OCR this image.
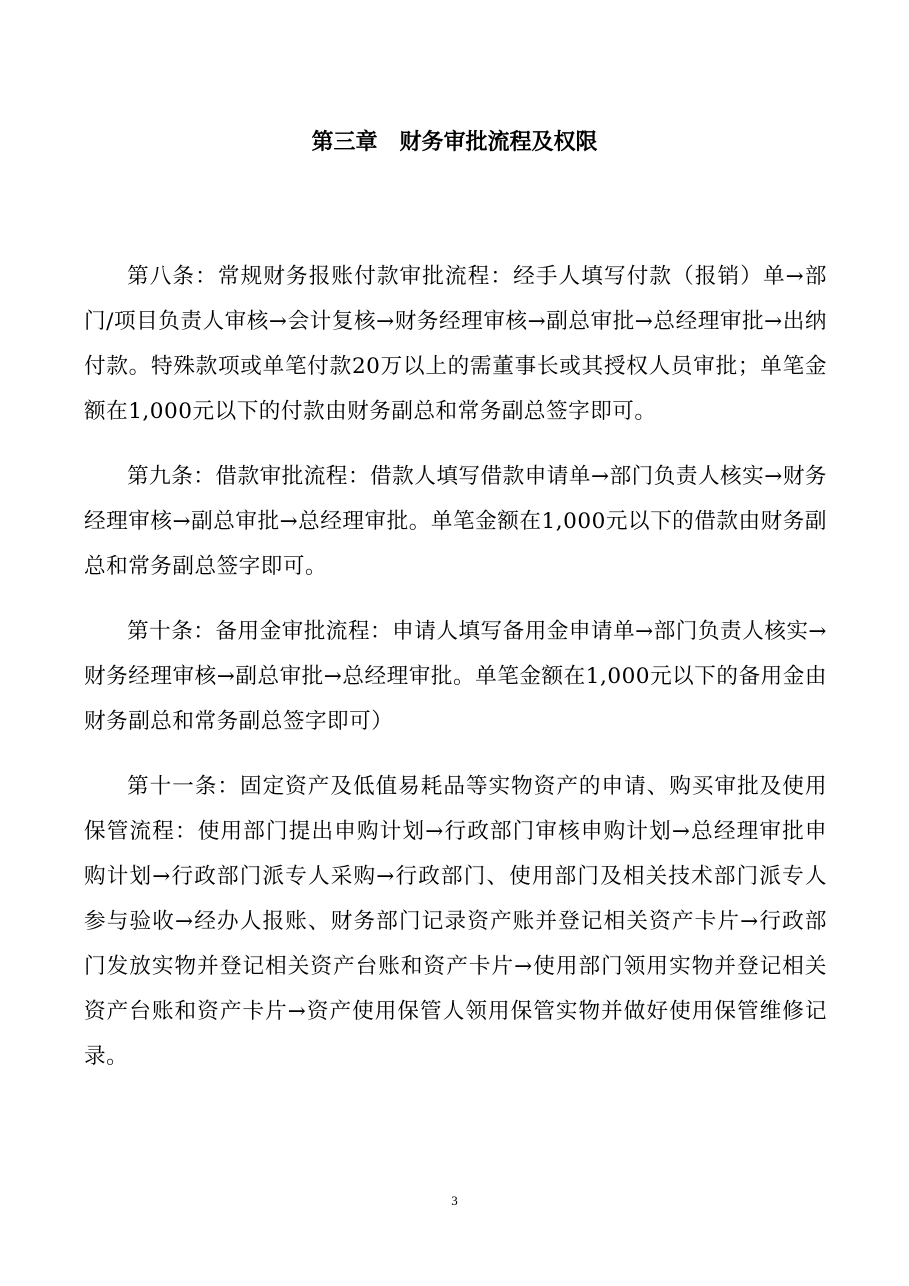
第三章　财务审批流程及权限

第八条：常规财务报账付款审批流程：经手人填写付款（报销）单→部门/项目负责人审核→会计复核→财务经理审核→副总审批→总经理审批→出纳付款。特殊款项或单笔付款20万以上的需董事长或其授权人员审批；单笔金额在1,000元以下的付款由财务副总和常务副总签字即可。

第九条：借款审批流程：借款人填写借款申请单→部门负责人核实→财务经理审核→副总审批→总经理审批。单笔金额在1,000元以下的借款由财务副总和常务副总签字即可。

第十条：备用金审批流程：申请人填写备用金申请单→部门负责人核实→财务经理审核→副总审批→总经理审批。单笔金额在1,000元以下的备用金由财务副总和常务副总签字即可）

第十一条：固定资产及低值易耗品等实物资产的申请、购买审批及使用保管流程：使用部门提出申购计划→行政部门审核申购计划→总经理审批申购计划→行政部门派专人采购→行政部门、使用部门及相关技术部门派专人参与验收→经办人报账、财务部门记录资产账并登记相关资产卡片→行政部门发放实物并登记相关资产台账和资产卡片→使用部门领用实物并登记相关资产台账和资产卡片→资产使用保管人领用保管实物并做好使用保管维修记录。

3
